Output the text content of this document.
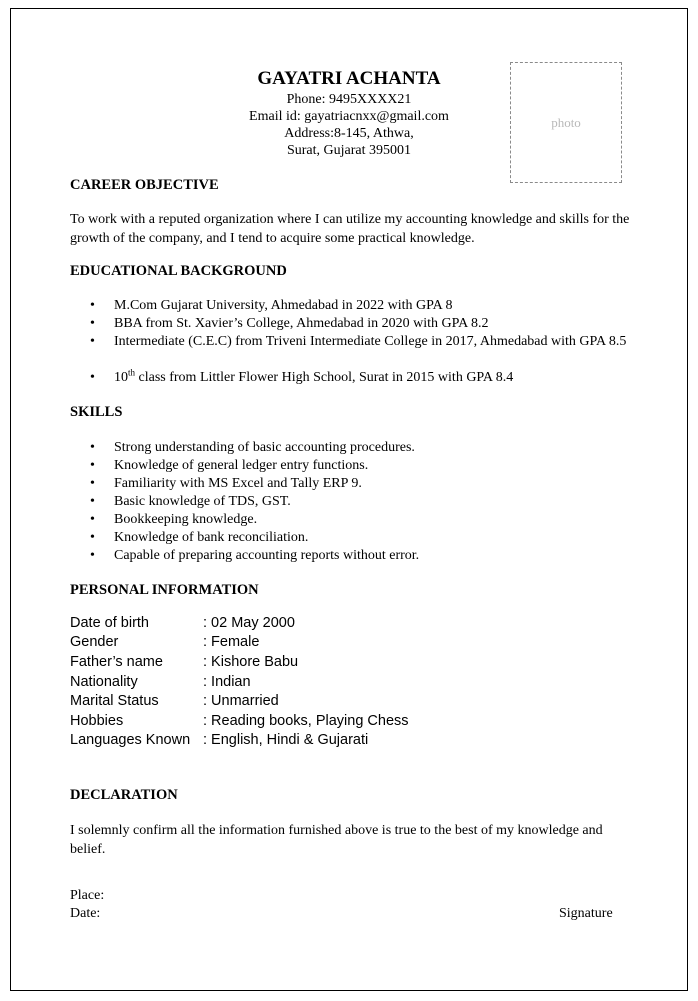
GAYATRI ACHANTA
Phone: 9495XXXX21
Email id: gayatriacnxx@gmail.com
Address:8-145, Athwa,
Surat, Gujarat 395001
photo
CAREER OBJECTIVE
To work with a reputed organization where I can utilize my accounting knowledge and skills for the growth of the company, and I tend to acquire some practical knowledge.
EDUCATIONAL BACKGROUND
• M.Com Gujarat University, Ahmedabad in 2022 with GPA 8
• BBA from St. Xavier’s College, Ahmedabad in 2020 with GPA 8.2
• Intermediate (C.E.C) from Triveni Intermediate College in 2017, Ahmedabad with GPA 8.5
• 10th class from Littler Flower High School, Surat in 2015 with GPA 8.4
SKILLS
• Strong understanding of basic accounting procedures.
• Knowledge of general ledger entry functions.
• Familiarity with MS Excel and Tally ERP 9.
• Basic knowledge of TDS, GST.
• Bookkeeping knowledge.
• Knowledge of bank reconciliation.
• Capable of preparing accounting reports without error.
PERSONAL INFORMATION
Date of birth	: 02 May 2000
Gender	: Female
Father’s name	: Kishore Babu
Nationality	: Indian
Marital Status	: Unmarried
Hobbies	: Reading books, Playing Chess
Languages Known : English, Hindi & Gujarati
DECLARATION
I solemnly confirm all the information furnished above is true to the best of my knowledge and belief.
Place:
Date:	Signature
